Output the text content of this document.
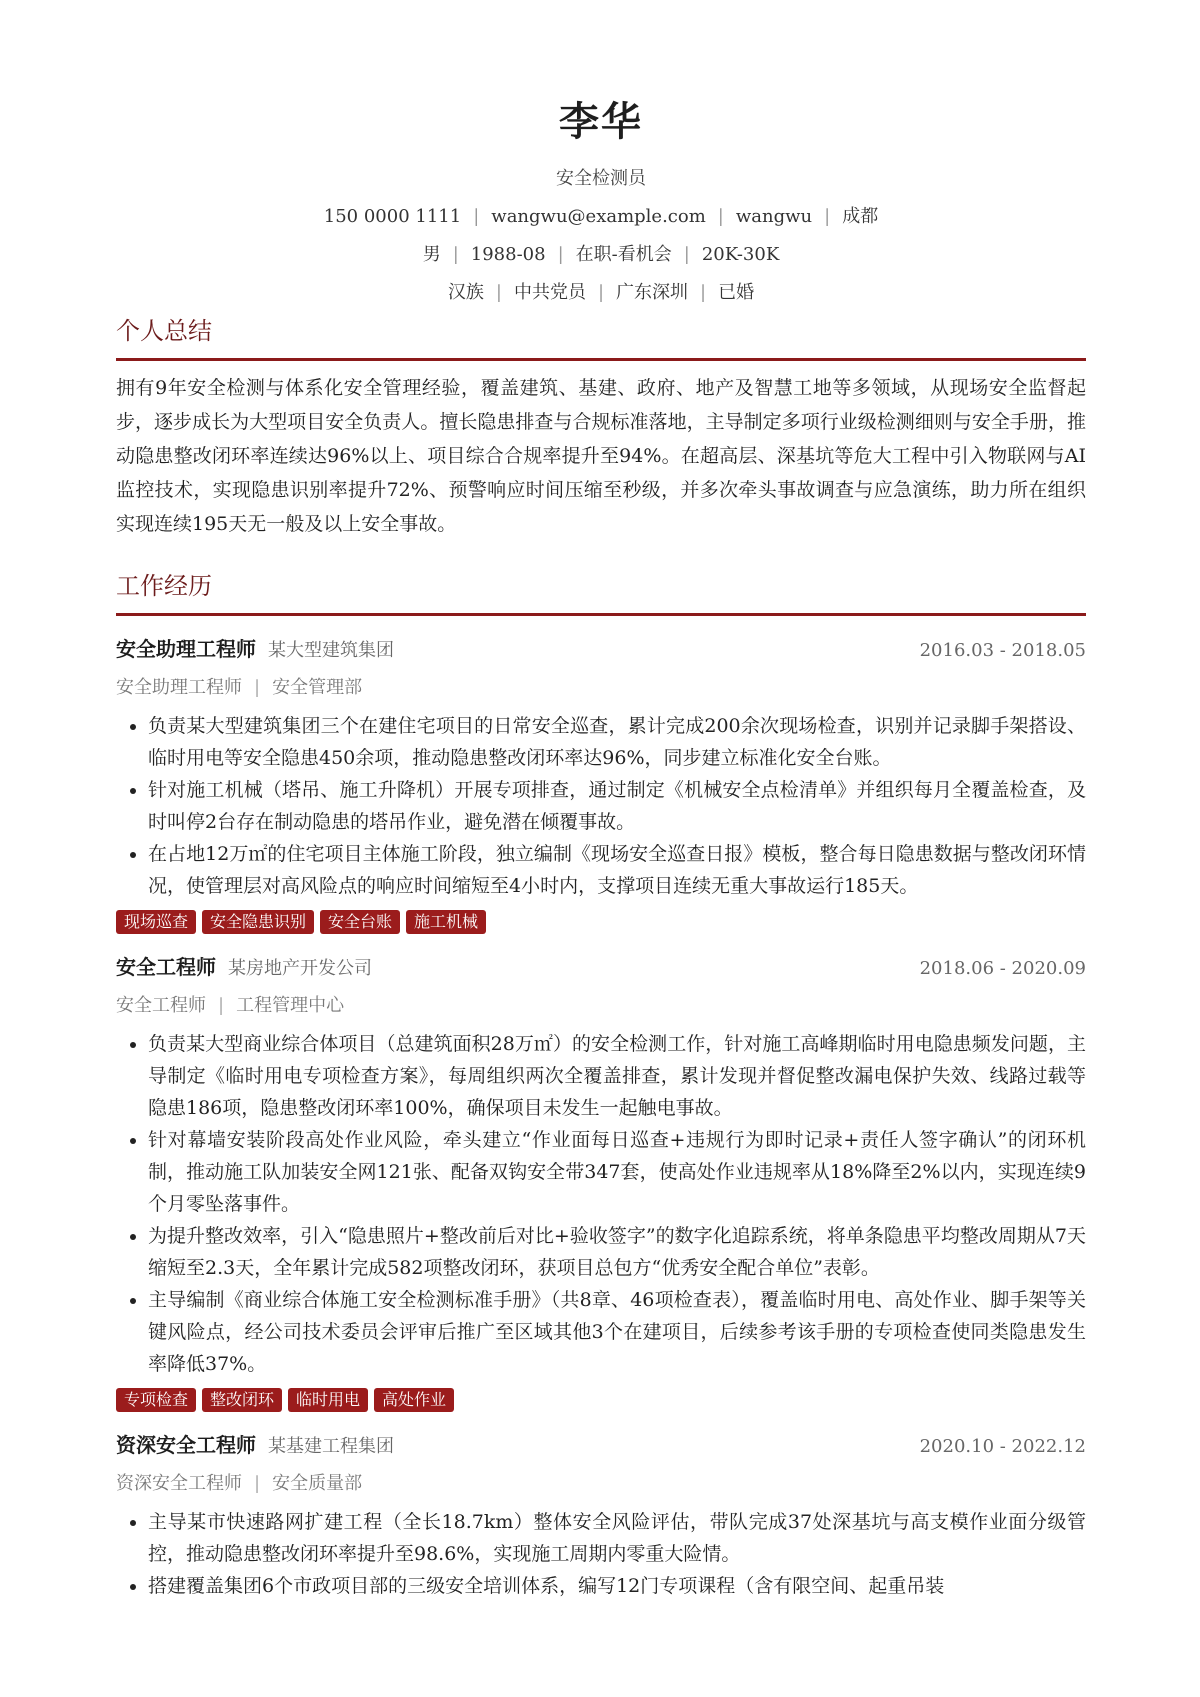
李华
安全检测员
150 0000 1111 | wangwu@example.com | wangwu | 成都
男 | 1988-08 | 在职-看机会 | 20K-30K
汉族 | 中共党员 | 广东深圳 | 已婚
个人总结
拥有9年安全检测与体系化安全管理经验，覆盖建筑、基建、政府、地产及智慧工地等多领域，从现场安全监督起步，逐步成长为大型项目安全负责人。擅长隐患排查与合规标准落地，主导制定多项行业级检测细则与安全手册，推动隐患整改闭环率连续达96%以上、项目综合合规率提升至94%。在超高层、深基坑等危大工程中引入物联网与AI监控技术，实现隐患识别率提升72%、预警响应时间压缩至秒级，并多次牵头事故调查与应急演练，助力所在组织实现连续195天无一般及以上安全事故。
工作经历
安全助理工程师 某大型建筑集团	2016.03 - 2018.05
安全助理工程师 | 安全管理部
• 负责某大型建筑集团三个在建住宅项目的日常安全巡查，累计完成200余次现场检查，识别并记录脚手架搭设、临时用电等安全隐患450余项，推动隐患整改闭环率达96%，同步建立标准化安全台账。
• 针对施工机械（塔吊、施工升降机）开展专项排查，通过制定《机械安全点检清单》并组织每月全覆盖检查，及时叫停2台存在制动隐患的塔吊作业，避免潜在倾覆事故。
• 在占地12万㎡的住宅项目主体施工阶段，独立编制《现场安全巡查日报》模板，整合每日隐患数据与整改闭环情况，使管理层对高风险点的响应时间缩短至4小时内，支撑项目连续无重大事故运行185天。
现场巡查	安全隐患识别	安全台账	施工机械
安全工程师 某房地产开发公司	2018.06 - 2020.09
安全工程师 | 工程管理中心
• 负责某大型商业综合体项目（总建筑面积28万㎡）的安全检测工作，针对施工高峰期临时用电隐患频发问题，主导制定《临时用电专项检查方案》，每周组织两次全覆盖排查，累计发现并督促整改漏电保护失效、线路过载等隐患186项，隐患整改闭环率100%，确保项目未发生一起触电事故。
• 针对幕墙安装阶段高处作业风险，牵头建立“作业面每日巡查+违规行为即时记录+责任人签字确认”的闭环机制，推动施工队加装安全网121张、配备双钩安全带347套，使高处作业违规率从18%降至2%以内，实现连续9个月零坠落事件。
• 为提升整改效率，引入“隐患照片+整改前后对比+验收签字”的数字化追踪系统，将单条隐患平均整改周期从7天缩短至2.3天，全年累计完成582项整改闭环，获项目总包方“优秀安全配合单位”表彰。
• 主导编制《商业综合体施工安全检测标准手册》（共8章、46项检查表），覆盖临时用电、高处作业、脚手架等关键风险点，经公司技术委员会评审后推广至区域其他3个在建项目，后续参考该手册的专项检查使同类隐患发生率降低37%。
专项检查	整改闭环	临时用电	高处作业
资深安全工程师 某基建工程集团	2020.10 - 2022.12
资深安全工程师 | 安全质量部
• 主导某市快速路网扩建工程（全长18.7km）整体安全风险评估，带队完成37处深基坑与高支模作业面分级管控，推动隐患整改闭环率提升至98.6%，实现施工周期内零重大险情。
• 搭建覆盖集团6个市政项目部的三级安全培训体系，编写12门专项课程（含有限空间、起重吊装
